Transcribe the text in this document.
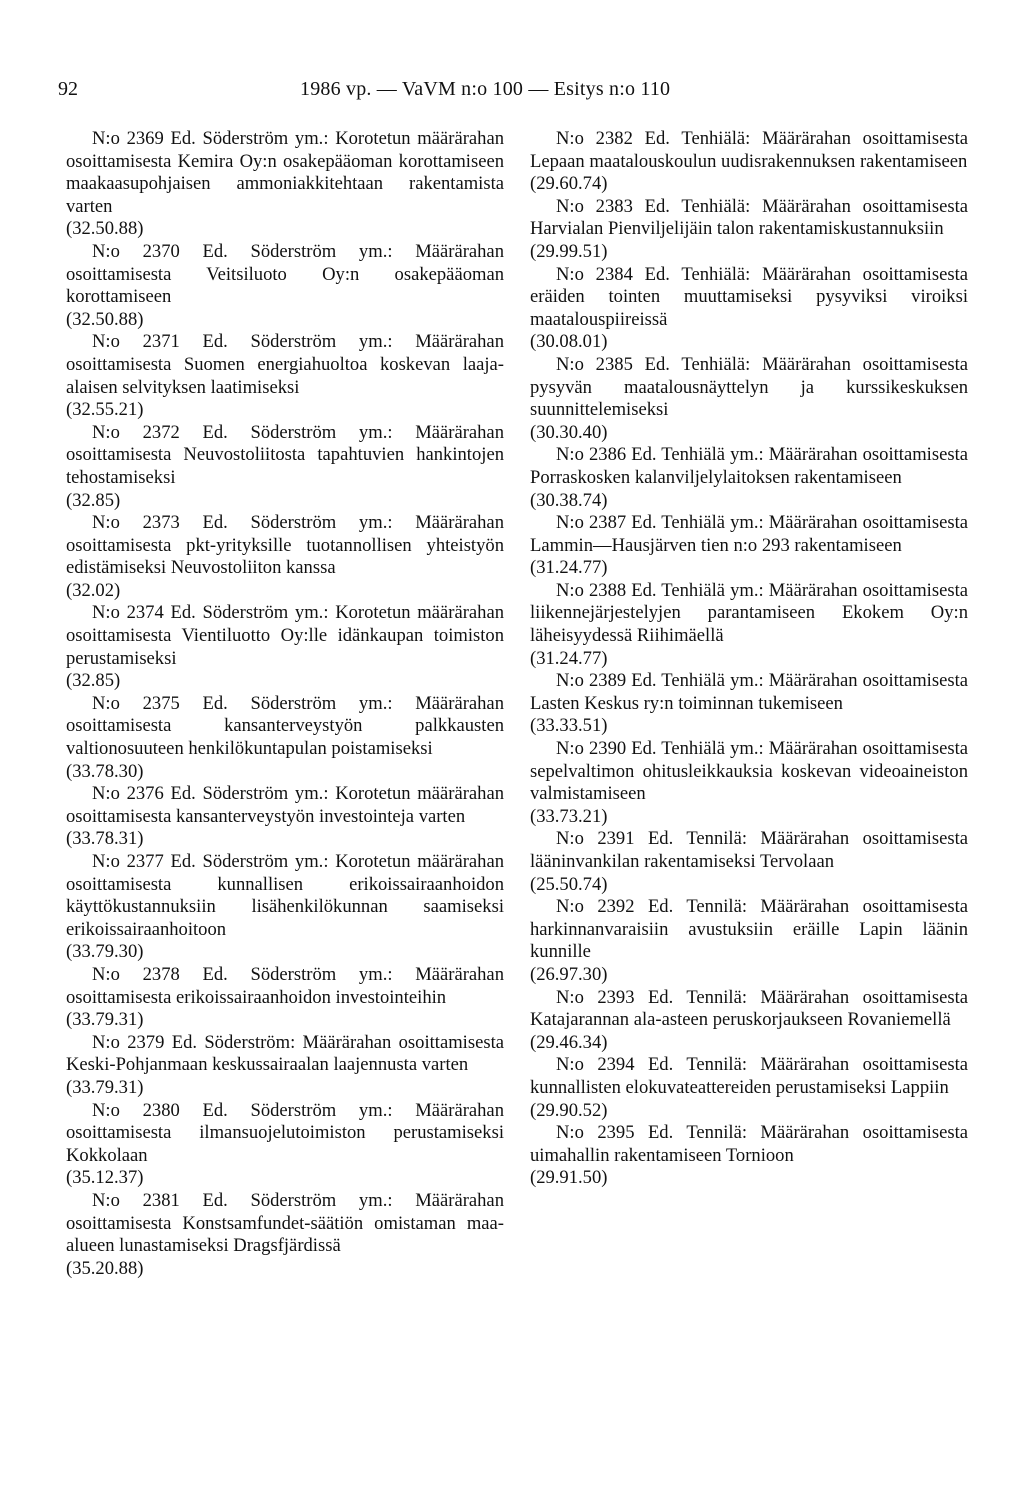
92	1986 vp. — VaVM n:o 100 — Esitys n:o 110

N:o 2369 Ed. Söderström ym.: Korotetun määrärahan osoittamisesta Kemira Oy:n osakepääoman korottamiseen maakaasupohjaisen ammoniakkitehtaan rakentamista varten

(32.50.88)

N:o 2370 Ed. Söderström ym.: Määrärahan osoittamisesta Veitsiluoto Oy:n osakepääoman korottamiseen

(32.50.88)

N:o 2371 Ed. Söderström ym.: Määrärahan osoittamisesta Suomen energiahuoltoa koskevan laaja-alaisen selvityksen laatimiseksi

(32.55.21)

N:o 2372 Ed. Söderström ym.: Määrärahan osoittamisesta Neuvostoliitosta tapahtuvien hankintojen tehostamiseksi

(32.85)

N:o 2373 Ed. Söderström ym.: Määrärahan osoittamisesta pkt-yrityksille tuotannollisen yhteistyön edistämiseksi Neuvostoliiton kanssa

(32.02)

N:o 2374 Ed. Söderström ym.: Korotetun määrärahan osoittamisesta Vientiluotto Oy:lle idänkaupan toimiston perustamiseksi

(32.85)

N:o 2375 Ed. Söderström ym.: Määrärahan osoittamisesta kansanterveystyön palkkausten valtionosuuteen henkilökuntapulan poistamiseksi

(33.78.30)

N:o 2376 Ed. Söderström ym.: Korotetun määrärahan osoittamisesta kansanterveystyön investointeja varten

(33.78.31)

N:o 2377 Ed. Söderström ym.: Korotetun määrärahan osoittamisesta kunnallisen erikoissairaanhoidon käyttökustannuksiin lisähenkilökunnan saamiseksi erikoissairaanhoitoon

(33.79.30)

N:o 2378 Ed. Söderström ym.: Määrärahan osoittamisesta erikoissairaanhoidon investointeihin

(33.79.31)

N:o 2379 Ed. Söderström: Määrärahan osoittamisesta Keski-Pohjanmaan keskussairaalan laajennusta varten

(33.79.31)

N:o 2380 Ed. Söderström ym.: Määrärahan osoittamisesta ilmansuojelutoimiston perustamiseksi Kokkolaan

(35.12.37)

N:o 2381 Ed. Söderström ym.: Määrärahan osoittamisesta Konstsamfundet-säätiön omistaman maa-alueen lunastamiseksi Dragsfjärdissä

(35.20.88)

N:o 2382 Ed. Tenhiälä: Määrärahan osoittamisesta Lepaan maatalouskoulun uudisrakennuksen rakentamiseen

(29.60.74)

N:o 2383 Ed. Tenhiälä: Määrärahan osoittamisesta Harvialan Pienviljelijäin talon rakentamiskustannuksiin

(29.99.51)

N:o 2384 Ed. Tenhiälä: Määrärahan osoittamisesta eräiden tointen muuttamiseksi pysyviksi viroiksi maatalouspiireissä

(30.08.01)

N:o 2385 Ed. Tenhiälä: Määrärahan osoittamisesta pysyvän maatalousnäyttelyn ja kurssikeskuksen suunnittelemiseksi

(30.30.40)

N:o 2386 Ed. Tenhiälä ym.: Määrärahan osoittamisesta Porraskosken kalanviljelylaitoksen rakentamiseen

(30.38.74)

N:o 2387 Ed. Tenhiälä ym.: Määrärahan osoittamisesta Lammin—Hausjärven tien n:o 293 rakentamiseen

(31.24.77)

N:o 2388 Ed. Tenhiälä ym.: Määrärahan osoittamisesta liikennejärjestelyjen parantamiseen Ekokem Oy:n läheisyydessä Riihimäellä

(31.24.77)

N:o 2389 Ed. Tenhiälä ym.: Määrärahan osoittamisesta Lasten Keskus ry:n toiminnan tukemiseen

(33.33.51)

N:o 2390 Ed. Tenhiälä ym.: Määrärahan osoittamisesta sepelvaltimon ohitusleikkauksia koskevan videoaineiston valmistamiseen

(33.73.21)

N:o 2391 Ed. Tennilä: Määrärahan osoittamisesta lääninvankilan rakentamiseksi Tervolaan

(25.50.74)

N:o 2392 Ed. Tennilä: Määrärahan osoittamisesta harkinnanvaraisiin avustuksiin eräille Lapin läänin kunnille

(26.97.30)

N:o 2393 Ed. Tennilä: Määrärahan osoittamisesta Katajarannan ala-asteen peruskorjaukseen Rovaniemellä

(29.46.34)

N:o 2394 Ed. Tennilä: Määrärahan osoittamisesta kunnallisten elokuvateattereiden perustamiseksi Lappiin

(29.90.52)

N:o 2395 Ed. Tennilä: Määrärahan osoittamisesta uimahallin rakentamiseen Tornioon

(29.91.50)
